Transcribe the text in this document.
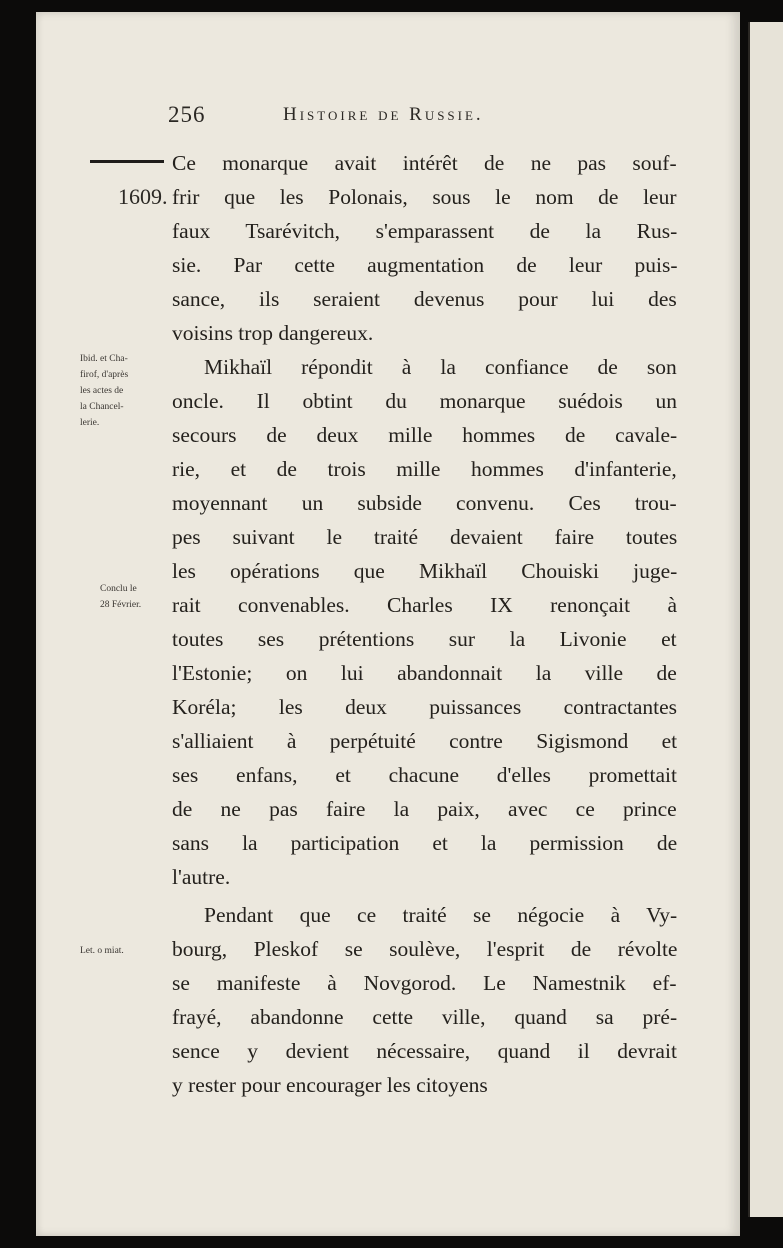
256	Histoire de Russie.
1609.
Ibid. et Cha-
firof, d'après
les actes de
la Chancel-
lerie.
Conclu le
28 Février.
Let. o miat.
Ce monarque avait intérêt de ne pas souf-
frir que les Polonais, sous le nom de leur
faux Tsarévitch, s'emparassent de la Rus-
sie. Par cette augmentation de leur puis-
sance, ils seraient devenus pour lui des
voisins trop dangereux.
Mikhaïl répondit à la confiance de son
oncle. Il obtint du monarque suédois un
secours de deux mille hommes de cavale-
rie, et de trois mille hommes d'infanterie,
moyennant un subside convenu. Ces trou-
pes suivant le traité devaient faire toutes
les opérations que Mikhaïl Chouiski juge-
rait convenables. Charles IX renonçait à
toutes ses prétentions sur la Livonie et
l'Estonie; on lui abandonnait la ville de
Koréla; les deux puissances contractantes
s'alliaient à perpétuité contre Sigismond et
ses enfans, et chacune d'elles promettait
de ne pas faire la paix, avec ce prince
sans la participation et la permission de
l'autre.
Pendant que ce traité se négocie à Vy-
bourg, Pleskof se soulève, l'esprit de révolte
se manifeste à Novgorod. Le Namestnik ef-
frayé, abandonne cette ville, quand sa pré-
sence y devient nécessaire, quand il devrait
y rester pour encourager les citoyens
